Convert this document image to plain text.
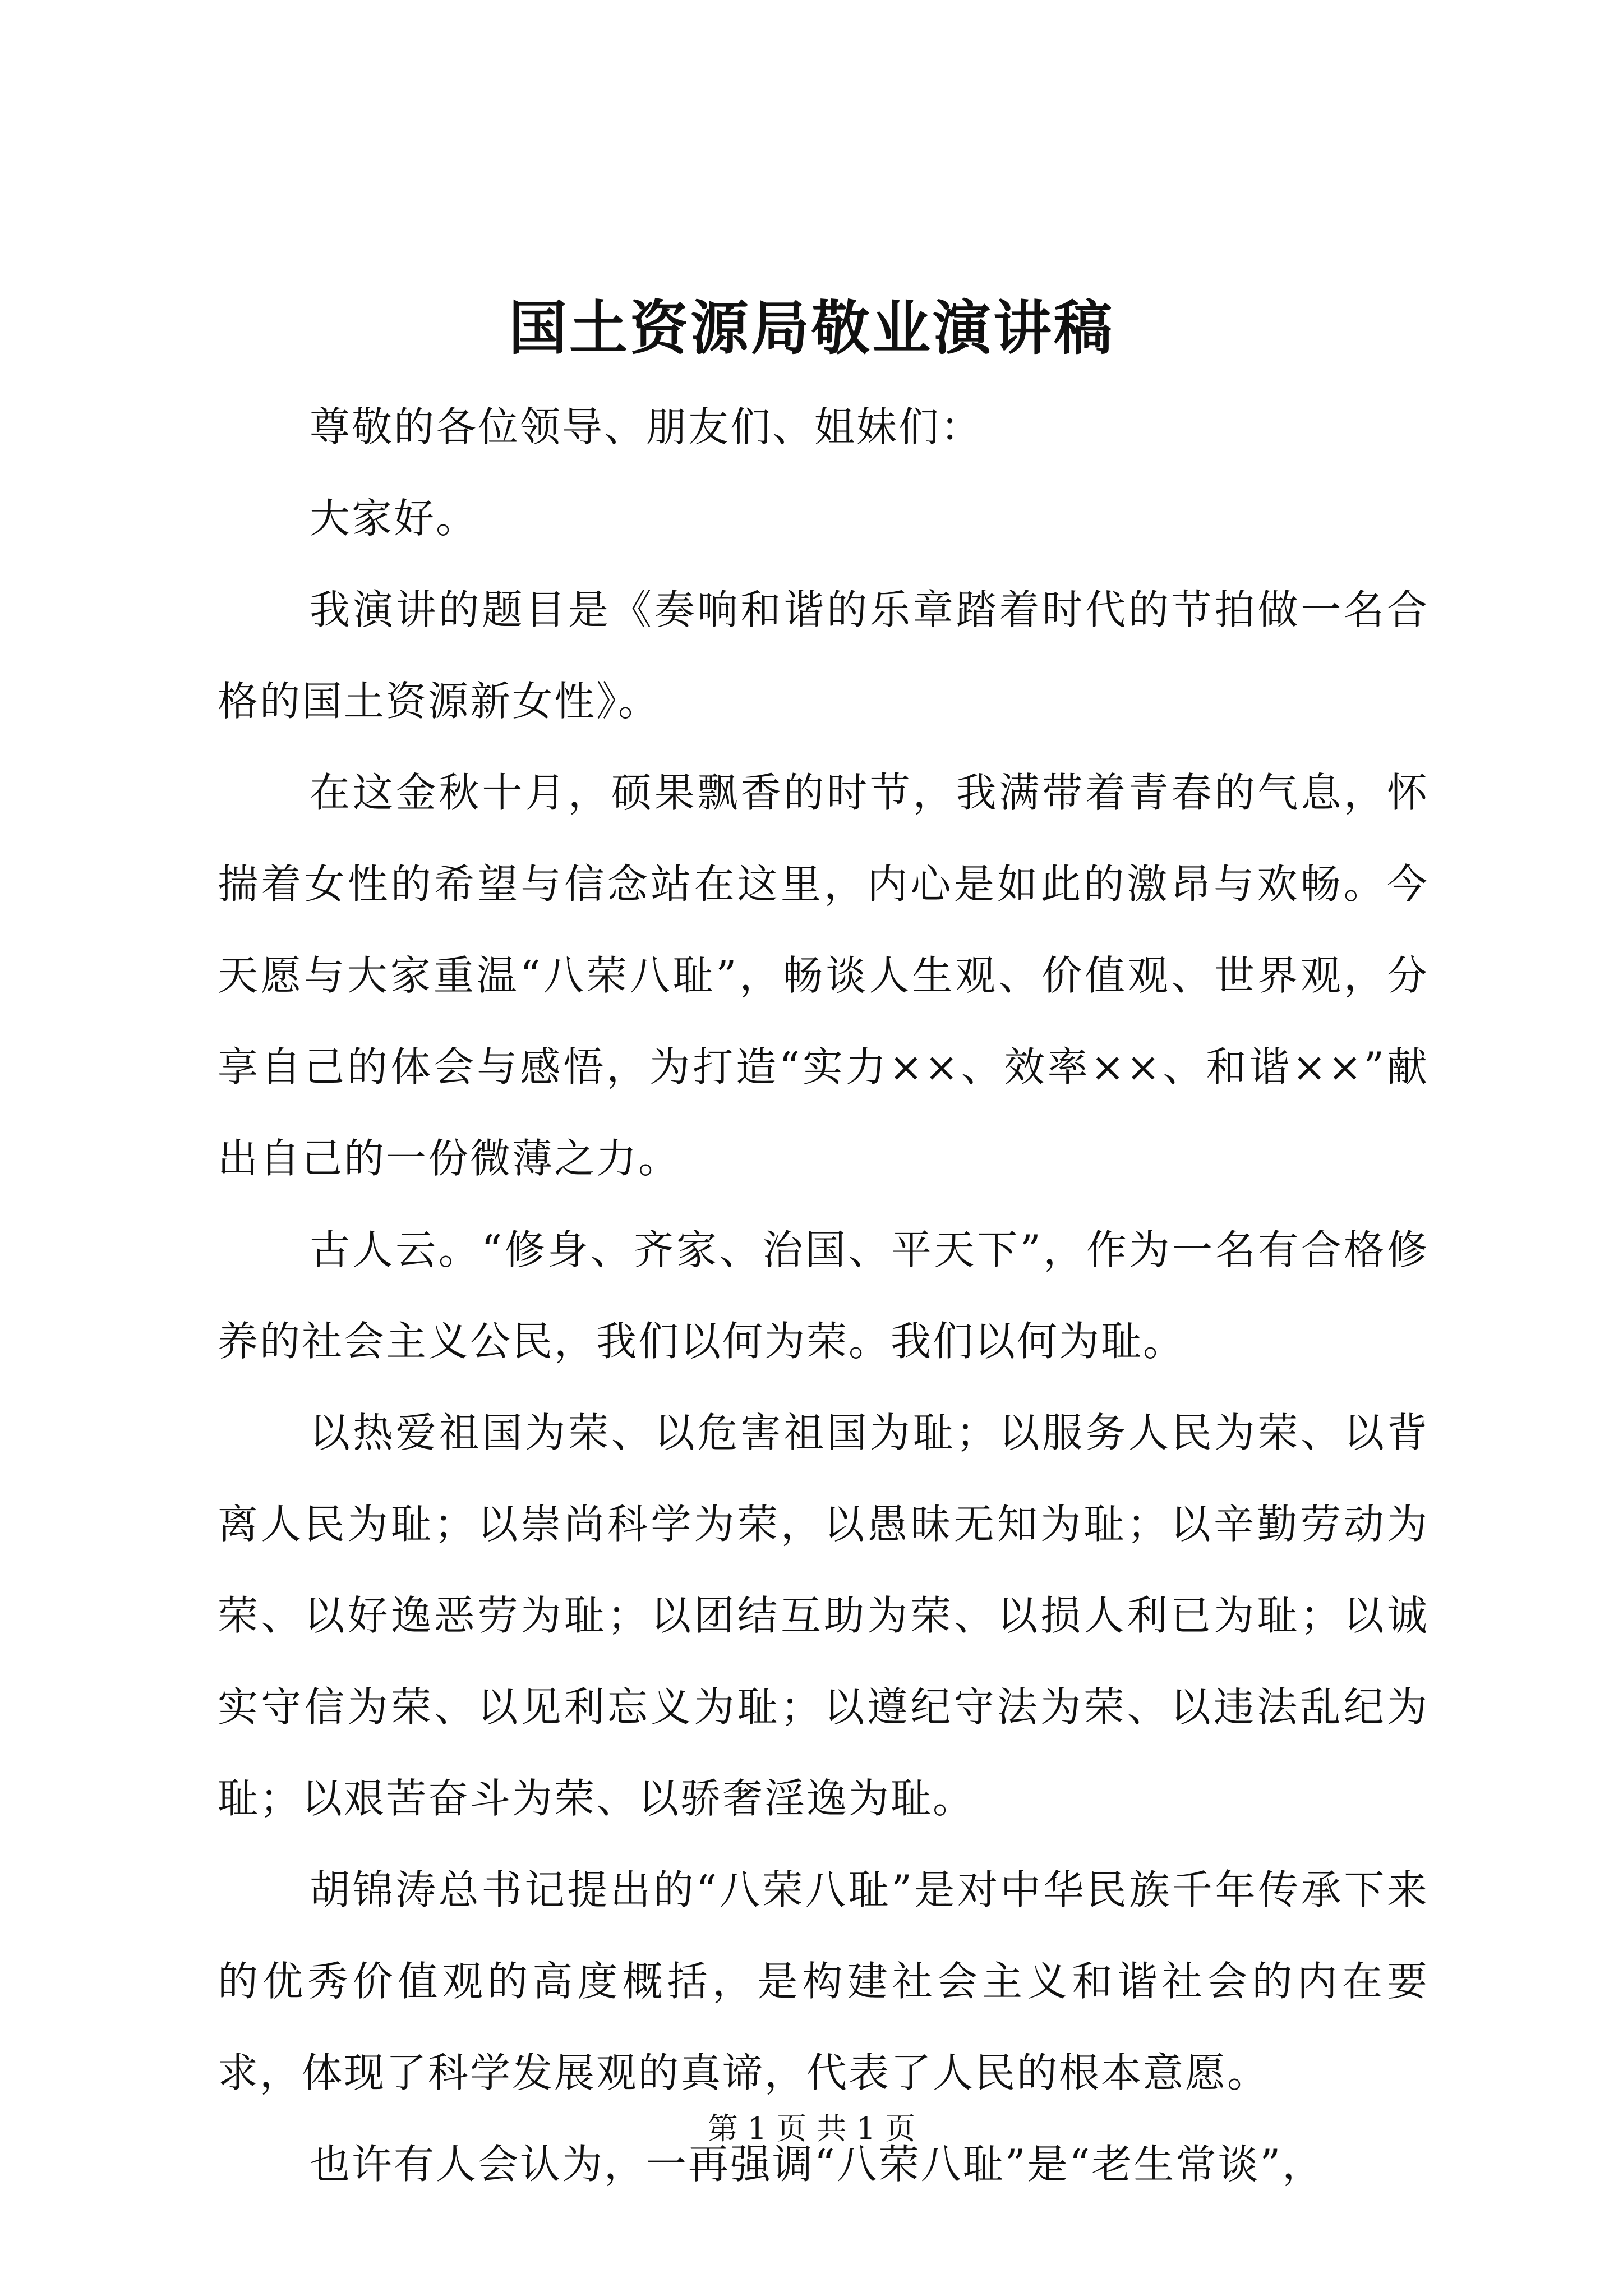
国土资源局敬业演讲稿

尊敬的各位领导、朋友们、姐妹们：

大家好。

我演讲的题目是《奏响和谐的乐章踏着时代的节拍做一名合格的国土资源新女性》。

在这金秋十月，硕果飘香的时节，我满带着青春的气息，怀揣着女性的希望与信念站在这里，内心是如此的激昂与欢畅。今天愿与大家重温“八荣八耻”，畅谈人生观、价值观、世界观，分享自己的体会与感悟，为打造“实力××、效率××、和谐××”献出自己的一份微薄之力。

古人云。“修身、齐家、治国、平天下”，作为一名有合格修养的社会主义公民，我们以何为荣。我们以何为耻。

以热爱祖国为荣、以危害祖国为耻；以服务人民为荣、以背离人民为耻；以崇尚科学为荣，以愚昧无知为耻；以辛勤劳动为荣、以好逸恶劳为耻；以团结互助为荣、以损人利已为耻；以诚实守信为荣、以见利忘义为耻；以遵纪守法为荣、以违法乱纪为耻；以艰苦奋斗为荣、以骄奢淫逸为耻。

胡锦涛总书记提出的“八荣八耻”是对中华民族千年传承下来的优秀价值观的高度概括，是构建社会主义和谐社会的内在要求，体现了科学发展观的真谛，代表了人民的根本意愿。

也许有人会认为，一再强调“八荣八耻”是“老生常谈”，

第 1 页 共 1 页
